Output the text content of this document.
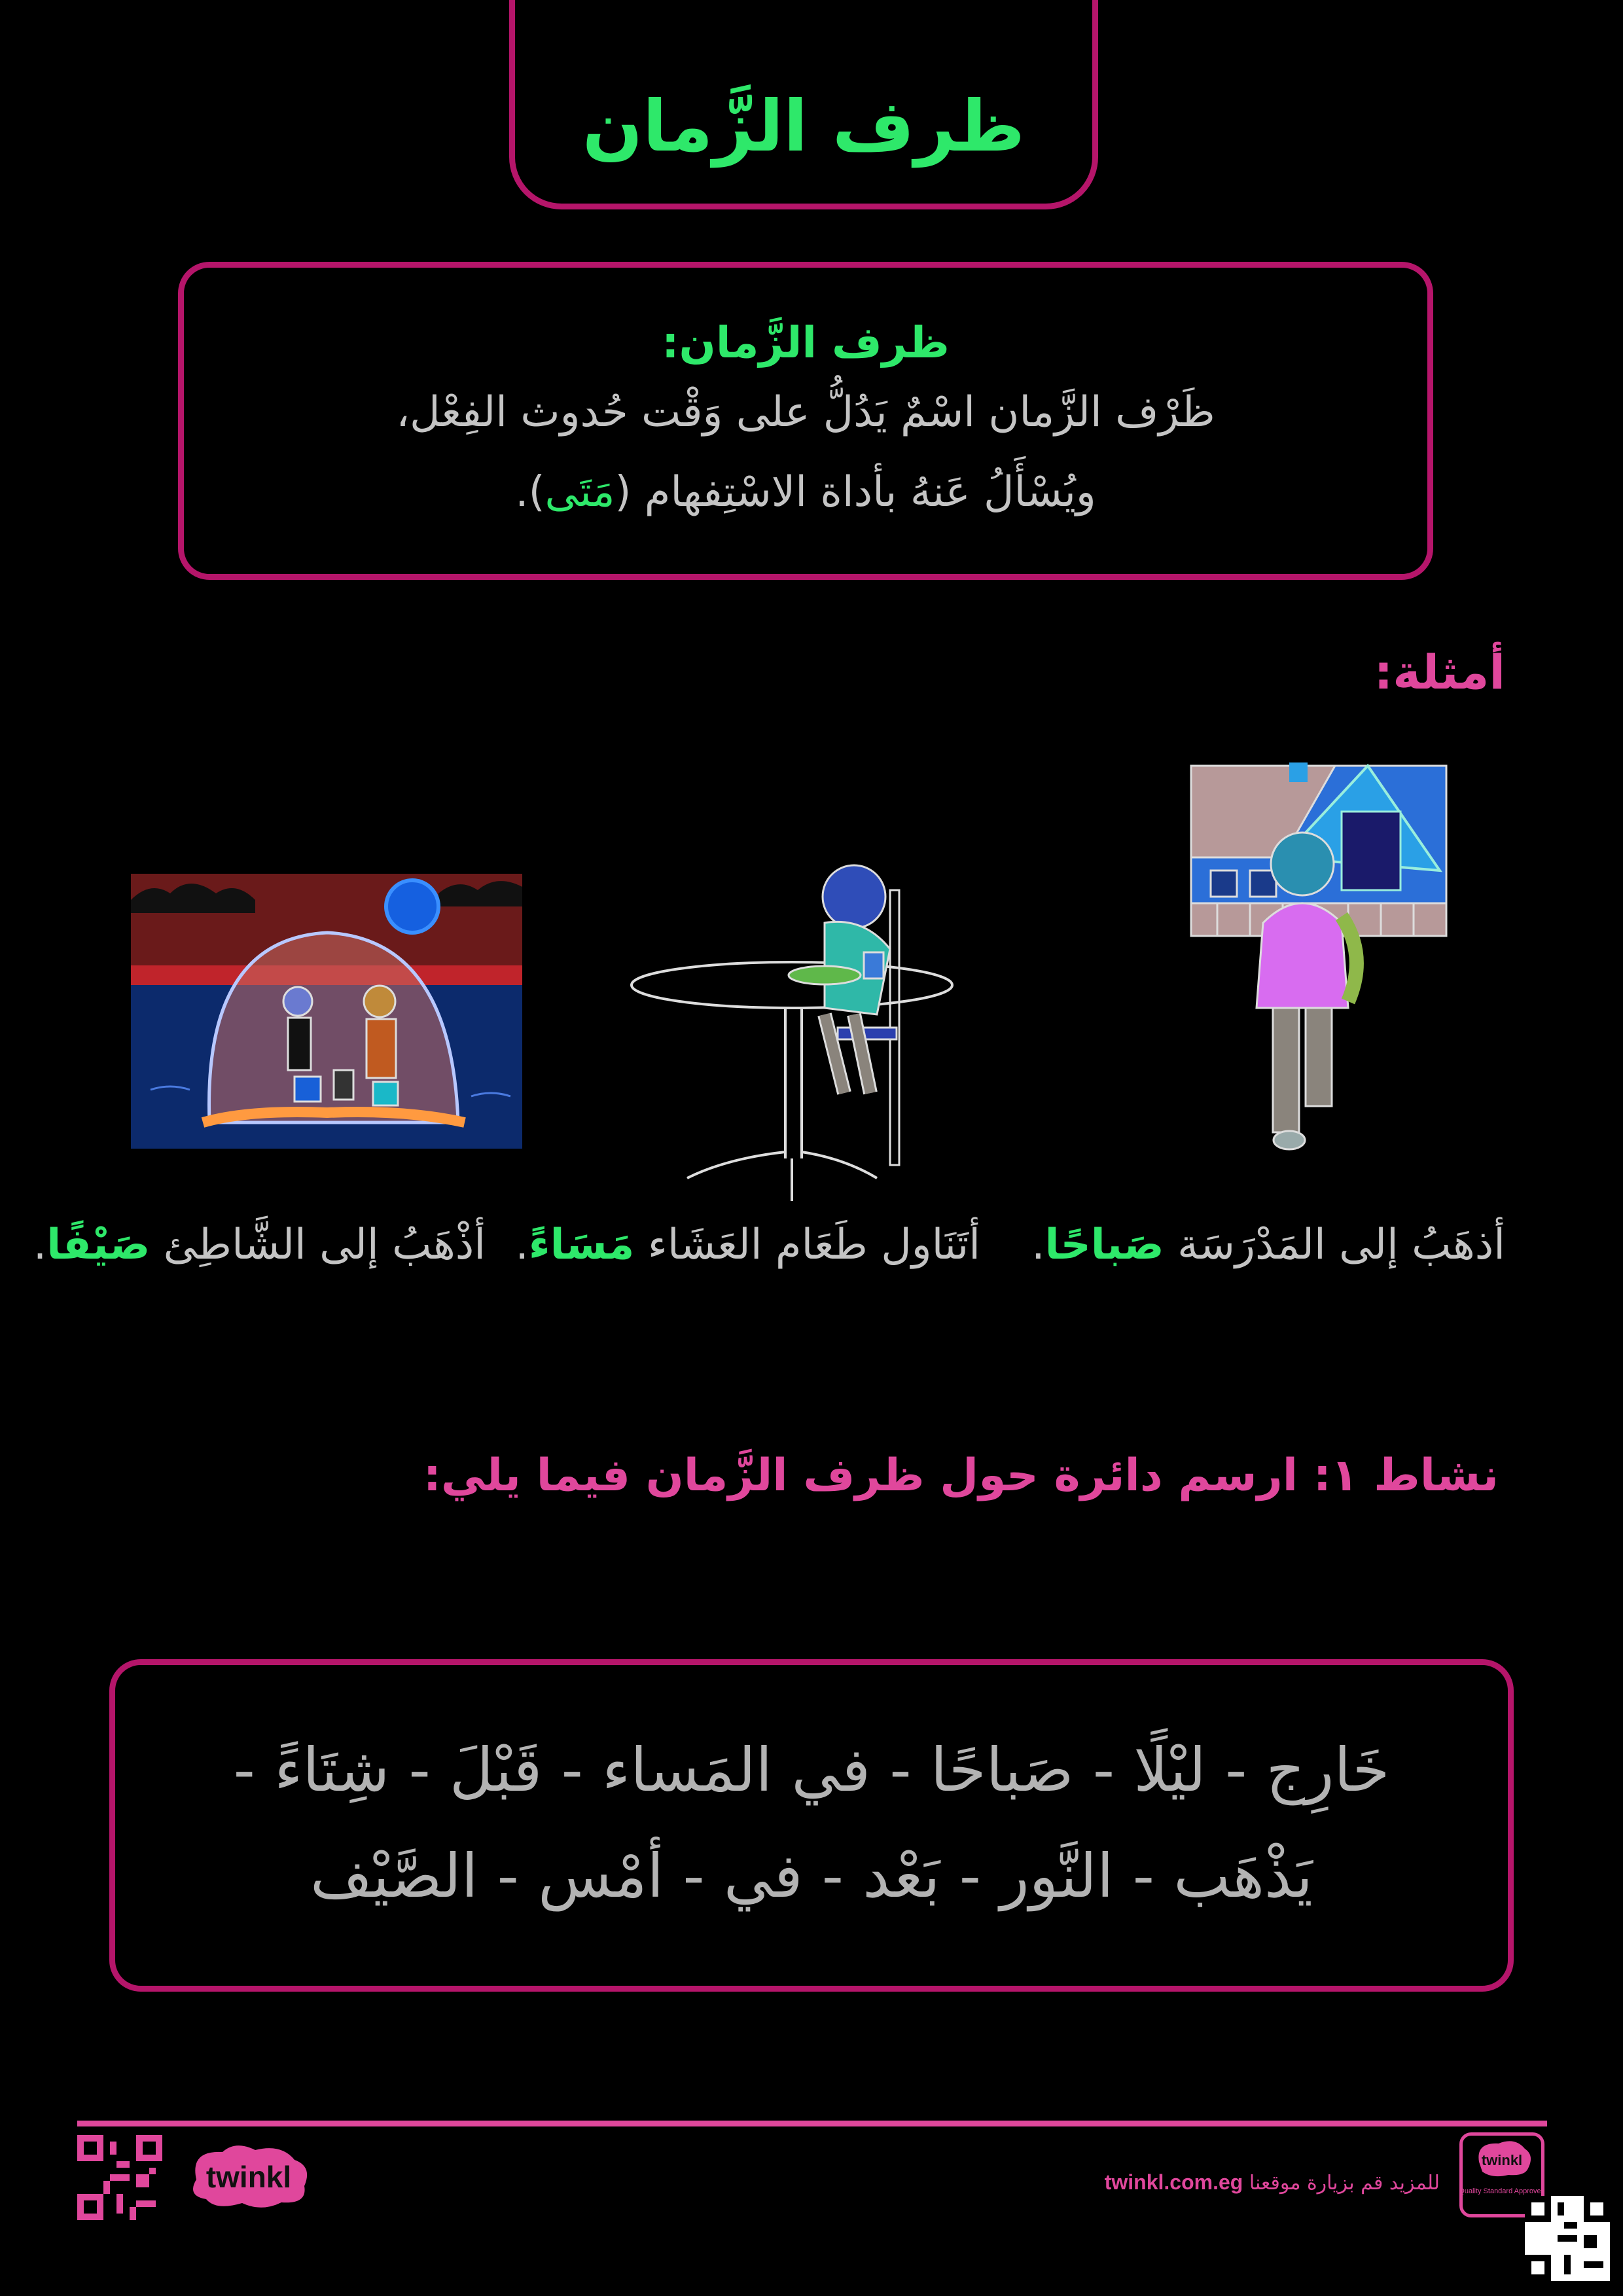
ظرف الزَّمان
ظرف الزَّمان:
ظَرْف الزَّمان اسْمٌ يَدُلُّ على وَقْت حُدوث الفِعْل،
ويُسْأَلُ عَنهُ بأداة الاسْتِفهام (مَتَى).
أمثلة:
أذهَبُ إلى المَدْرَسَة صَباحًا.
أتَنَاول طَعَام العَشَاء مَسَاءً.
أذْهَبُ إلى الشَّاطِئ صَيْفًا.
نشاط ١: ارسم دائرة حول ظرف الزَّمان فيما يلي:
خَارِج - ليْلًا - صَباحًا - في المَساء - قَبْلَ - شِتَاءً -
يَذْهَب - النَّور - بَعْد - في - أمْس - الصَّيْف
twinkl	للمزيد قم بزيارة موقعنا twinkl.com.eg
twinkl
Quality Standard Approved
